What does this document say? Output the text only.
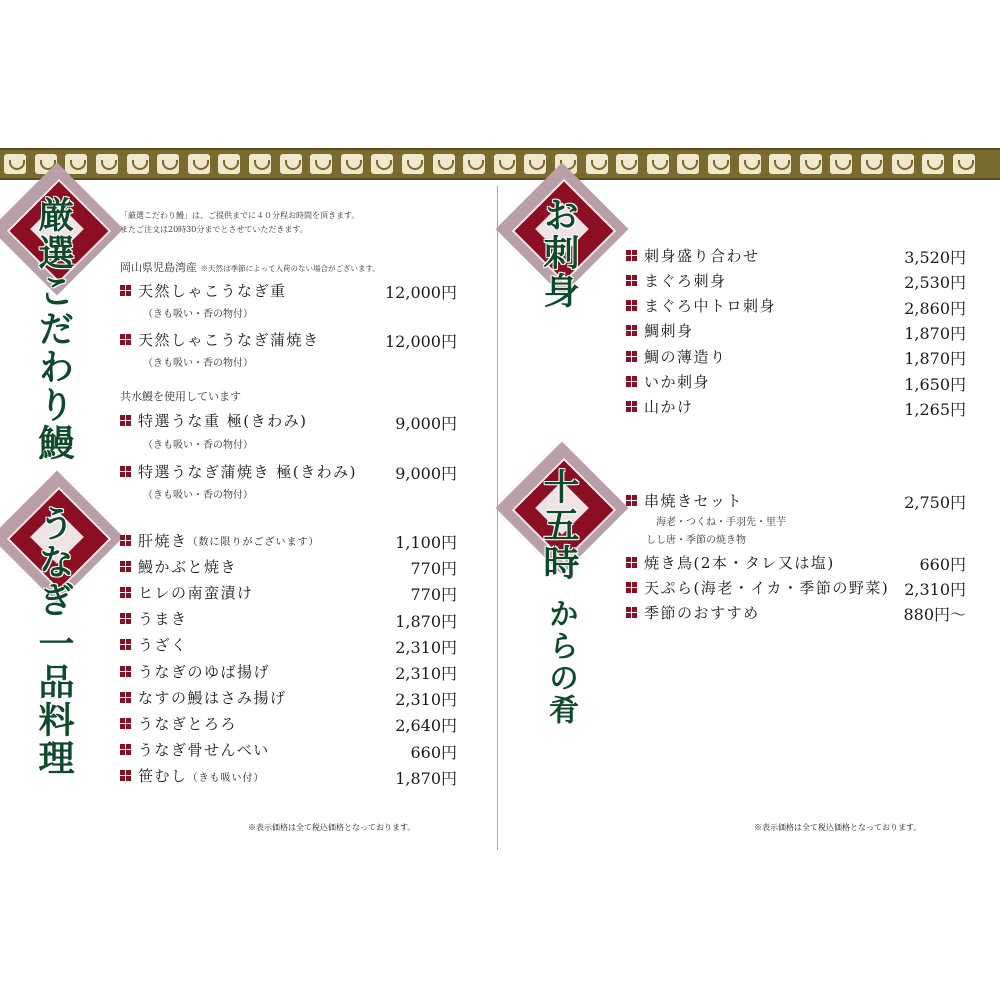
厳選こだわり鰻
うなぎ
一品料理
「厳選こだわり鰻」は、ご提供までに４０分程お時間を頂きます。
またご注文は20時30分までとさせていただきます。
岡山県児島湾産 ※天然は季節によって入荷のない場合がございます。
天然しゃこうなぎ重	12,000円
（きも吸い・香の物付）
天然しゃこうなぎ蒲焼き	12,000円
（きも吸い・香の物付）
共水鰻を使用しています
特選うな重 極(きわみ)	9,000円
（きも吸い・香の物付）
特選うなぎ蒲焼き 極(きわみ) 9,000円
（きも吸い・香の物付）
肝焼き （数に限りがございます）	1,100円
鰻かぶと焼き	770円
ヒレの南蛮漬け	770円
うまき	1,870円
うざく	2,310円
うなぎのゆば揚げ	2,310円
なすの鰻はさみ揚げ	2,310円
うなぎとろろ	2,640円
うなぎ骨せんべい	660円
笹むし （きも吸い付）	1,870円
※表示価格は全て税込価格となっております。
お刺身
十五時
からの肴
刺身盛り合わせ	3,520円
まぐろ刺身	2,530円
まぐろ中トロ刺身	2,860円
鯛刺身	1,870円
鯛の薄造り	1,870円
いか刺身	1,650円
山かけ	1,265円
串焼きセット	2,750円
海老・つくね・手羽先・里芋
しし唐・季節の焼き物
焼き鳥(2本・タレ又は塩)	660円
天ぷら(海老・イカ・季節の野菜) 2,310円
季節のおすすめ	880円～
※表示価格は全て税込価格となっております。
